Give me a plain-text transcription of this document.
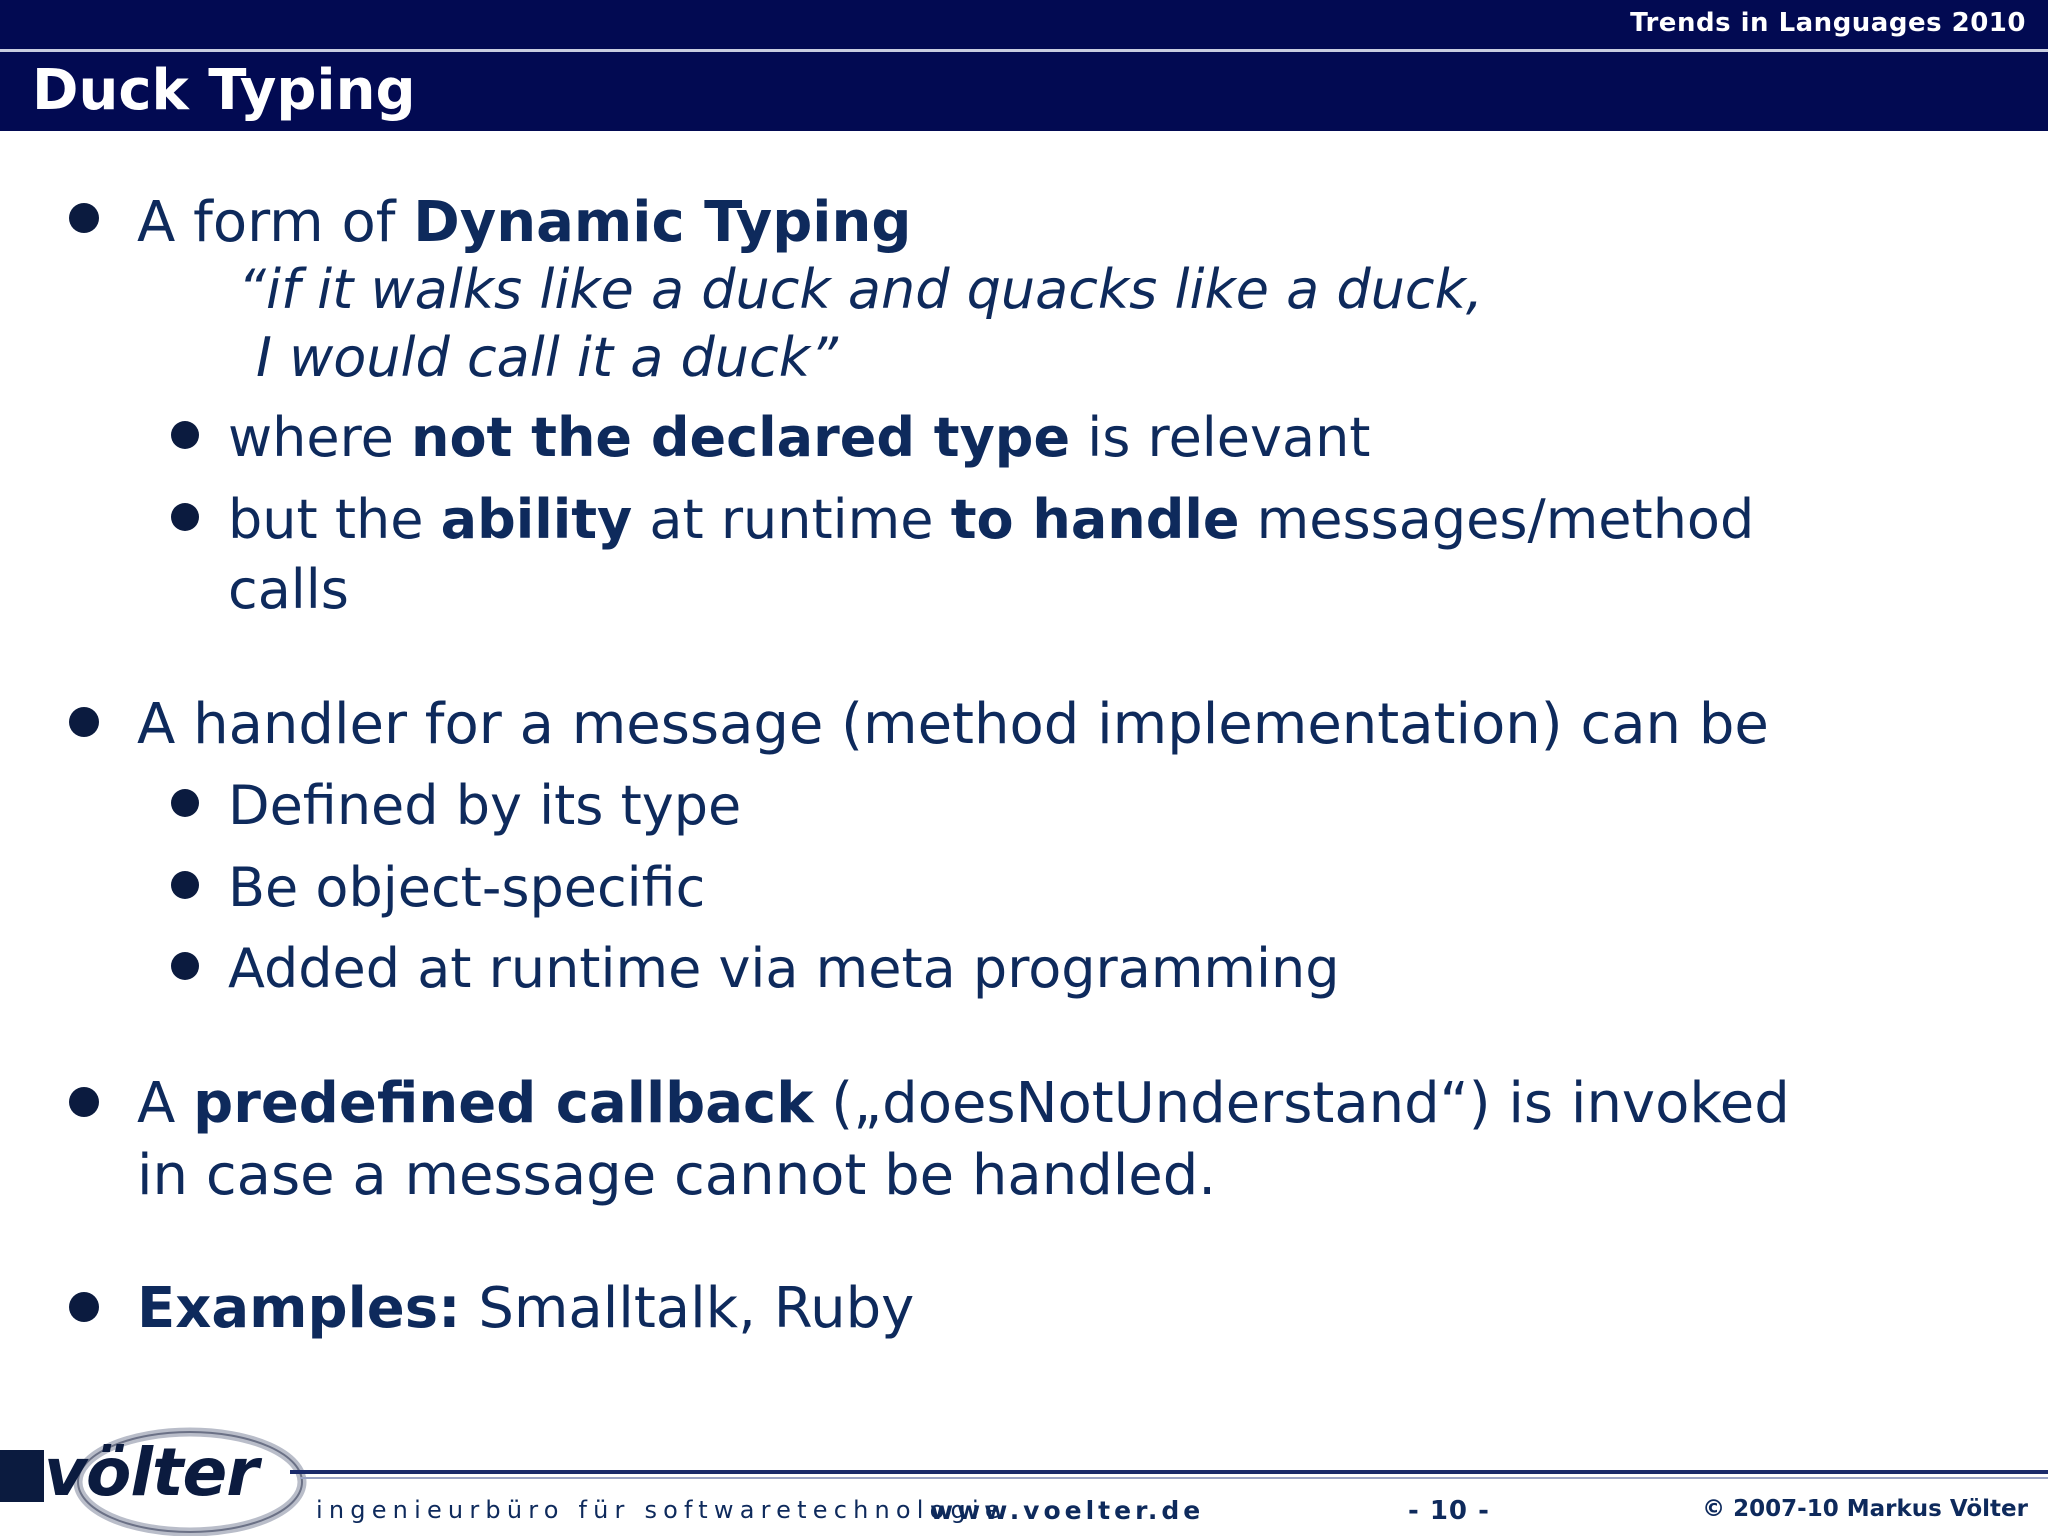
Trends in Languages 2010
Duck Typing
A form of Dynamic Typing
“if it walks like a duck and quacks like a duck,
I would call it a duck”
where not the declared type is relevant
but the ability at runtime to handle messages/method
calls
A handler for a message (method implementation) can be
Defined by its type
Be object-specific
Added at runtime via meta programming
A predefined callback („doesNotUnderstand“) is invoked
in case a message cannot be handled.
Examples: Smalltalk, Ruby
völter ingenieurbüro für softwaretechnologie
www.voelter.de	- 10 -	© 2007-10 Markus Völter
